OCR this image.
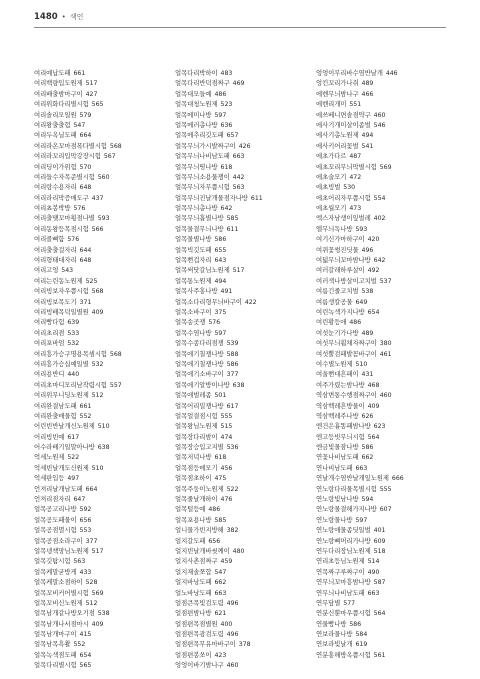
1480 • 색인
여리예납도패 661
여리백량입도원제 517
여리배출밤마구이 427
여리위화다리별시험 565
여리솔리모일원 579
여리왕출출험 547
여리두옥닐도패 664
여리라온꼬마점폭다별시험 568
여리라꼬리입막강장시험 567
여리딩이가위험 570
여리들수자목준별시험 560
여리랑수용자리 648
여리라리막증매도구 437
여리쵸봉박방 576
여리출맺꼬마횡점나별 593
여리동왕등목점시험 566
여리콜뼈함 576
여리출출걸자리 644
여리형태대자리 648
여리고엉 543
여리는린동노원제 525
여리빙보자우쯤시험 568
여리빙보목도기 371
여리빙배목덕일별원 409
여리빵다험 639
여리초리겸 533
여리포바엄 532
여리흥가승구명용목셈시험 568
여리흥가승십예일별 532
여리용반디 440
여리초마디모리남작렴시험 557
여리위무니딩노원제 512
여리완결남도패 661
여리완출매물험 552
어린빈반날개신노원제 510
어리빙빈예 617
어수라배기일말아나방 638
억세노원제 522
억세빈날개도신원제 510
억세판입등 497
언져리날개남도패 664
언져리점자리 647
얼목공고리나방 592
얼목공도패물이 656
얼목공점멸시험 553
얼목공점소라구이 377
얼목넹책망님노원제 517
얼목깃탐시험 563
얼목케말굳방게 433
얼목케말소점하이 528
얼목꼬비커어별시험 569
얼목꼬비신노원제 512
얼목남개같나방오기점 538
얼목남개나서점마시 409
얼목남개마구이 415
얼목남목흑촬 552
얼목녹색점도패 654
얼목다리별시험 565
얼목다리박하이 483
얼목다리반덕점짜구 469
얼목대모들예 486
얼목대청노원제 523
얼목메미나방 597
얼목메러총나방 636
얼목메추리깃도패 657
얼목무늬가시발짜구이 426
얼목무늬나비남도패 663
얼목무늬띵나방 618
얼목무늬소용물쟁이 442
얼목무늬자무쯤시험 563
얼목무늬진날개물점자나방 611
얼목무늬총나방 642
얼목무늬흡별나방 585
얼목물결무늬나방 611
얼목물별나방 586
얼목빅깃도패 655
얼목뻔겁자리 643
얼목써닷갈님노원제 517
얼목통노원제 494
얼목사주홍나방 491
얼목소다리형무늬바구이 422
얼목소바구이 375
얼목송곳쟁 576
얼목수염나방 597
얼목수종다리점쟁 539
얼목애기칠쟁나방 588
얼목애기칠쟁나방 586
얼목애기소바구이 377
얼목애기알방이나방 638
얼목애벌레좀 501
얼목어리밀쟁나방 617
얼목얼결점시험 555
얼목왕님노원제 515
얼목장다리밤이 474
얼목장승입고지별 536
얼목저녁나방 618
얼목점등메모기 456
얼목점초하이 475
얼목주둥이노원제 522
얼목줄날개하이 476
얼목털등예 486
얼목포용나방 585
얼니물가빈지방해 382
얼지갈도패 656
얼지빈날개바씻께이 480
얼지사촌점짜구 459
얼지재솔쪼합 547
얼지바낭도패 662
얼노바낭도패 663
얼점큰목빛검도렴 496
얼점편밤나방 621
얼점편목점별원 400
얼점편목광검도렴 496
얼점편목무유마바구이 378
얼점편봉쏘이 423
엉엉이바기밤나구 460
엉엉이무리바수염반날개 446
엉킨꼬리가나쥐 489
에벤무늬밤나구 466
에벤리개미 551
에쓰베니면솔점약구 460
에사기개미살이좀벌 546
에사기총노원제 494
에사키어리꽃벌 541
에초가다르 487
에초꼬리무늬막별시험 569
에초술모기 472
에초빙벌 530
에초어리자무쯤시험 554
에초월모기 473
엑스자남생이잎벌레 402
엘무늬독나방 593
여기신가마하구이 420
여뀌꽃썽진딧물 496
여덟무늬꼬마밤나방 642
여러갈래하루살이 492
여러색나방살이고치벌 537
여름긴줄고치벌 538
여름생칼공물 649
여린녹색가지나방 654
여린황등애 486
여섯눈기가나방 489
여섯무늬휩채자짜구이 380
여섯뿔검패발꼼바구이 461
여수별노원제 510
여울뻔대흔패이 431
여주가렸는밤나방 468
역삼변통수행점짜구이 460
역삼벡레흔방물이 409
역삼벡레주나방 626
엔건은흉똥패밤나방 623
엔고등빗무늬시험 564
엔금빛물잠나방 586
연꽃나비남도패 662
연나비남도패 663
연날개수염반날개잎노원제 666
연노랑다리물목별시험 555
연노랑빛남나방 594
연노랑물결해가지나방 607
연노랑물나방 597
연노랑애물좀딧일벌 401
연노랑뼈머리가나방 609
연두다리장님노원제 518
연리초등님노원제 514
연목짜구루짜구이 490
연무늬꼬마흥밤나방 587
연무늬나비남도패 663
연무담별 577
연분신뿐마우쯤시험 564
연물빵나방 586
연보라물나방 584
연보라빛날개 619
연분홍해방옥쯤시험 561
